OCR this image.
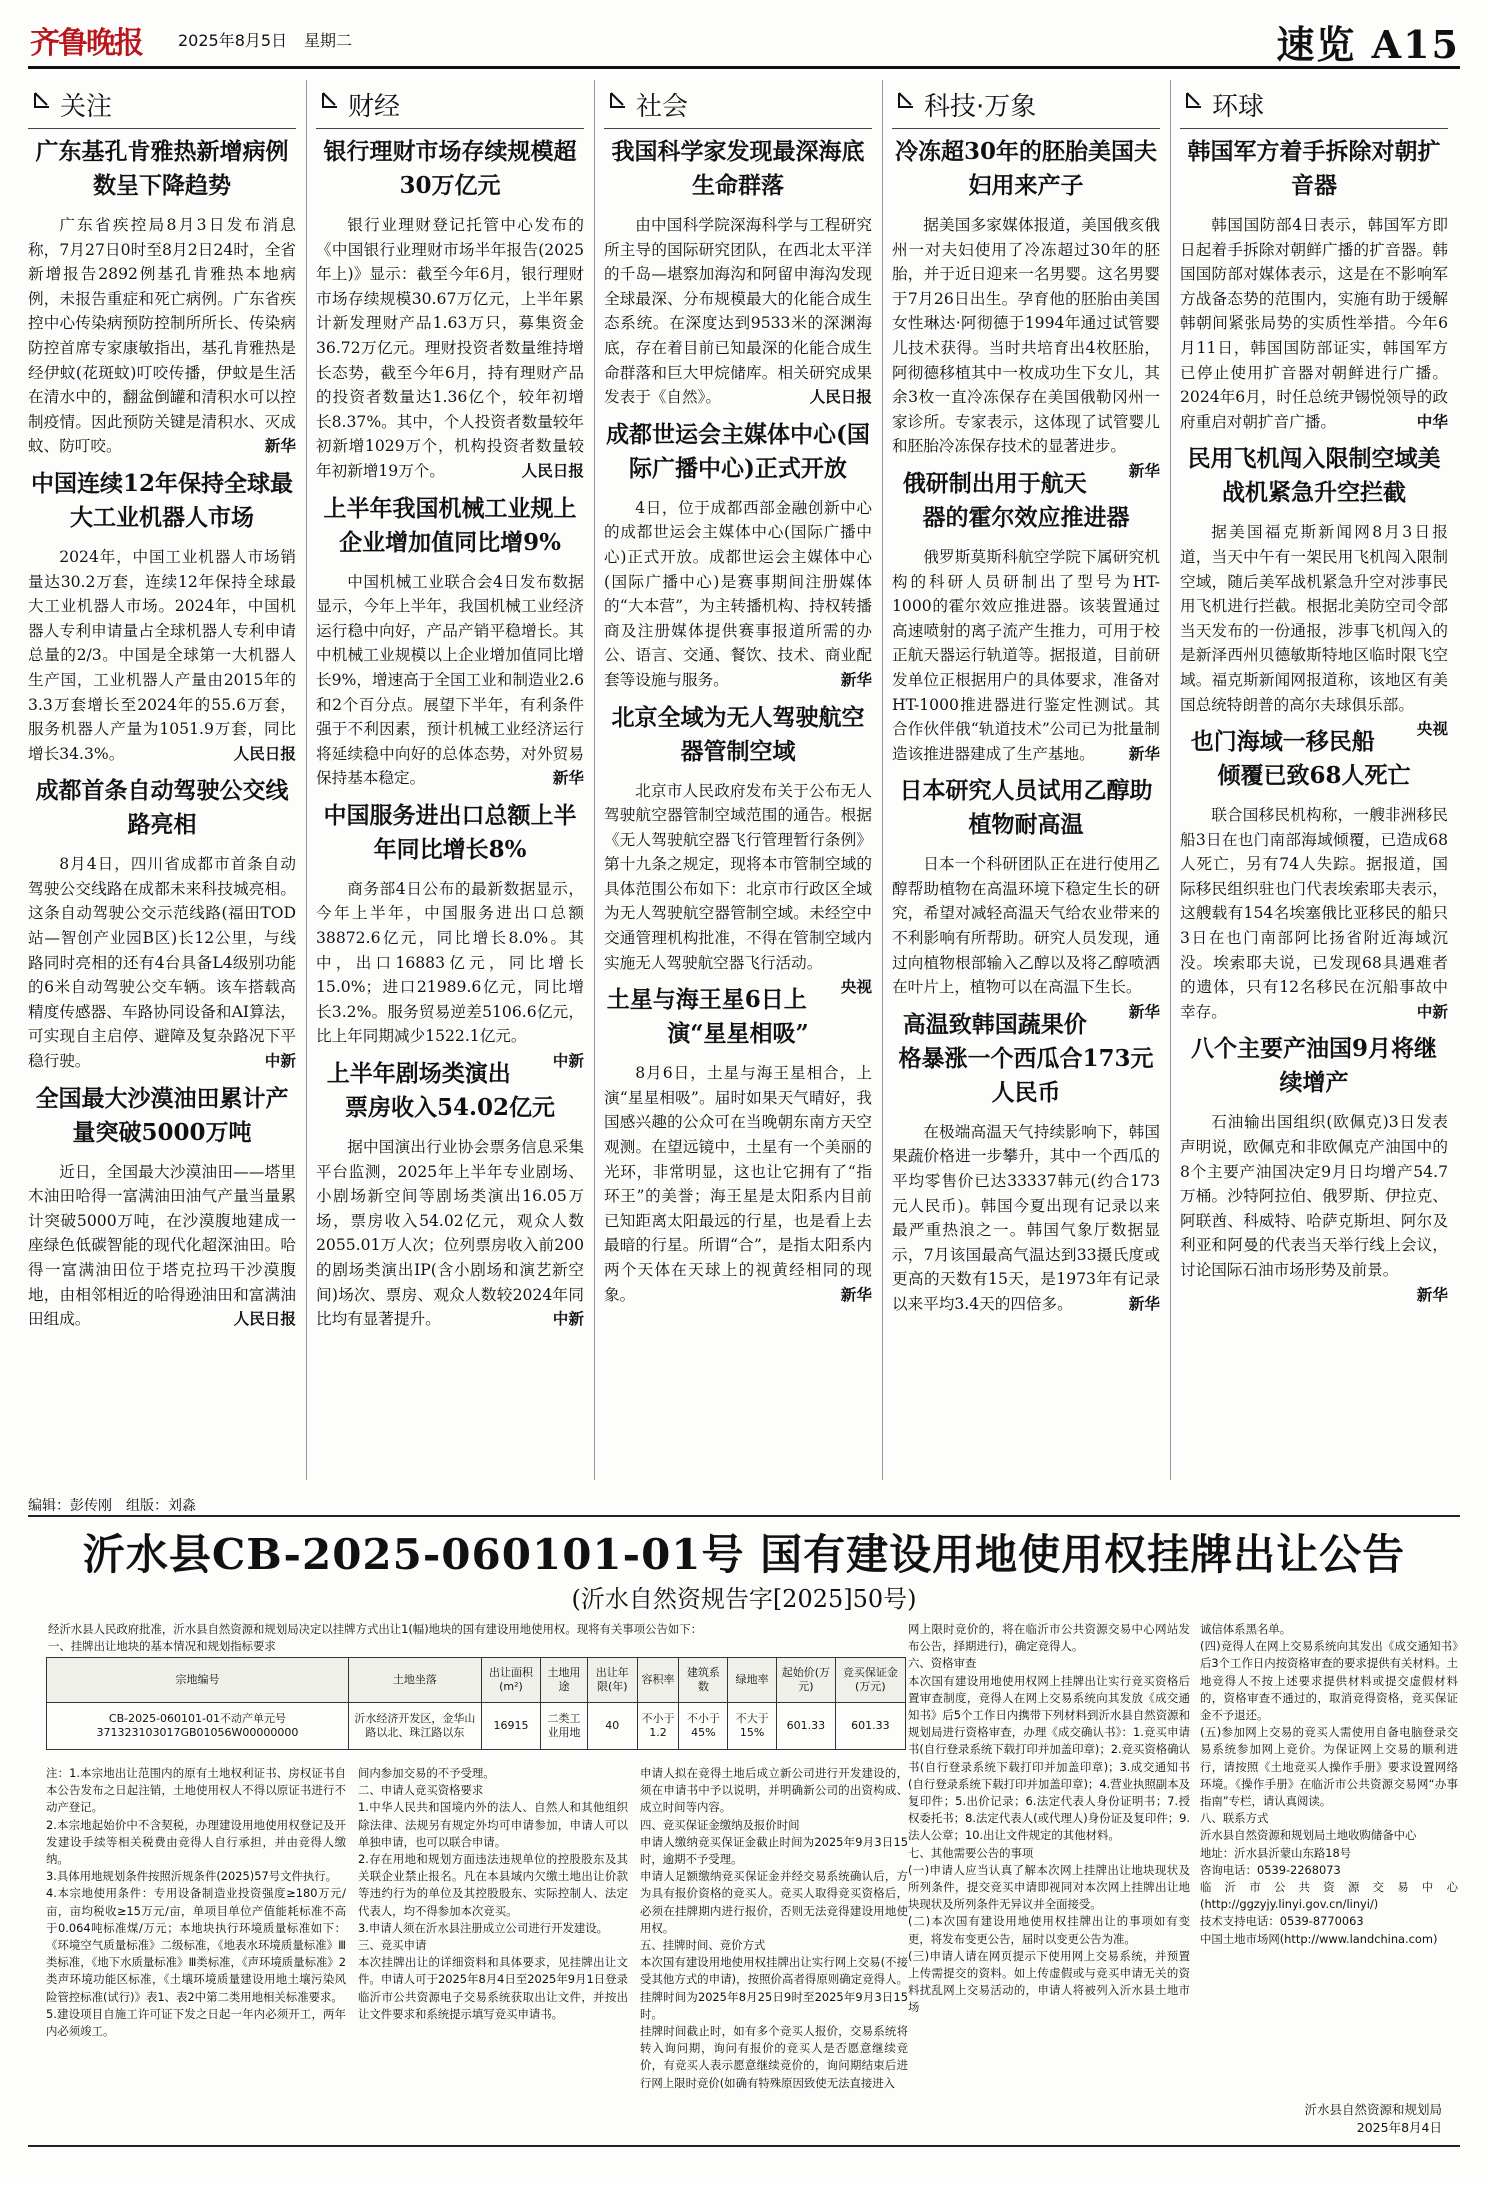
齐鲁晚报 2025年8月5日 星期二	速览 A15
关注
广东基孔肯雅热新增病例数呈下降趋势

广东省疾控局8月3日发布消息称，7月27日0时至8月2日24时，全省新增报告2892例基孔肯雅热本地病例，未报告重症和死亡病例。广东省疾控中心传染病预防控制所所长、传染病防控首席专家康敏指出，基孔肯雅热是经伊蚊(花斑蚊)叮咬传播，伊蚊是生活在清水中的，翻盆倒罐和清积水可以控制疫情。因此预防关键是清积水、灭成蚊、防叮咬。	新华

中国连续12年保持全球最大工业机器人市场

2024年，中国工业机器人市场销量达30.2万套，连续12年保持全球最大工业机器人市场。2024年，中国机器人专利申请量占全球机器人专利申请总量的2/3。中国是全球第一大机器人生产国，工业机器人产量由2015年的3.3万套增长至2024年的55.6万套，服务机器人产量为1051.9万套，同比增长34.3%。	人民日报

成都首条自动驾驶公交线路亮相

8月4日，四川省成都市首条自动驾驶公交线路在成都未来科技城亮相。这条自动驾驶公交示范线路(福田TOD站—智创产业园B区)长12公里，与线路同时亮相的还有4台具备L4级别功能的6米自动驾驶公交车辆。该车搭载高精度传感器、车路协同设备和AI算法，可实现自主启停、避障及复杂路况下平稳行驶。	中新

全国最大沙漠油田累计产量突破5000万吨

近日，全国最大沙漠油田——塔里木油田哈得一富满油田油气产量当量累计突破5000万吨，在沙漠腹地建成一座绿色低碳智能的现代化超深油田。哈得一富满油田位于塔克拉玛干沙漠腹地，由相邻相近的哈得逊油田和富满油田组成。	人民日报

财经
银行理财市场存续规模超30万亿元

银行业理财登记托管中心发布的《中国银行业理财市场半年报告(2025年上)》显示：截至今年6月，银行理财市场存续规模30.67万亿元，上半年累计新发理财产品1.63万只，募集资金36.72万亿元。理财投资者数量维持增长态势，截至今年6月，持有理财产品的投资者数量达1.36亿个，较年初增长8.37%。其中，个人投资者数量较年初新增1029万个，机构投资者数量较年初新增19万个。	人民日报

上半年我国机械工业规上企业增加值同比增9%

中国机械工业联合会4日发布数据显示，今年上半年，我国机械工业经济运行稳中向好，产品产销平稳增长。其中机械工业规模以上企业增加值同比增长9%，增速高于全国工业和制造业2.6和2个百分点。展望下半年，有利条件强于不利因素，预计机械工业经济运行将延续稳中向好的总体态势，对外贸易保持基本稳定。	新华

中国服务进出口总额上半年同比增长8%

商务部4日公布的最新数据显示，今年上半年，中国服务进出口总额38872.6亿元，同比增长8.0%。其中，出口16883亿元，同比增长15.0%；进口21989.6亿元，同比增长3.2%。服务贸易逆差5106.6亿元，比上年同期减少1522.1亿元。
中新

上半年剧场类演出票房收入54.02亿元

据中国演出行业协会票务信息采集平台监测，2025年上半年专业剧场、小剧场新空间等剧场类演出16.05万场，票房收入54.02亿元，观众人数2055.01万人次；位列票房收入前200的剧场类演出IP(含小剧场和演艺新空间)场次、票房、观众人数较2024年同比均有显著提升。	中新

社会
我国科学家发现最深海底生命群落

由中国科学院深海科学与工程研究所主导的国际研究团队，在西北太平洋的千岛—堪察加海沟和阿留申海沟发现全球最深、分布规模最大的化能合成生态系统。在深度达到9533米的深渊海底，存在着目前已知最深的化能合成生命群落和巨大甲烷储库。相关研究成果发表于《自然》。	人民日报

成都世运会主媒体中心(国际广播中心)正式开放

4日，位于成都西部金融创新中心的成都世运会主媒体中心(国际广播中心)正式开放。成都世运会主媒体中心(国际广播中心)是赛事期间注册媒体的“大本营”，为主转播机构、持权转播商及注册媒体提供赛事报道所需的办公、语言、交通、餐饮、技术、商业配套等设施与服务。	新华

北京全域为无人驾驶航空器管制空域

北京市人民政府发布关于公布无人驾驶航空器管制空域范围的通告。根据《无人驾驶航空器飞行管理暂行条例》第十九条之规定，现将本市管制空域的具体范围公布如下：北京市行政区全域为无人驾驶航空器管制空域。未经空中交通管理机构批准，不得在管制空域内实施无人驾驶航空器飞行活动。
央视

土星与海王星6日上演“星星相吸”

8月6日，土星与海王星相合，上演“星星相吸”。届时如果天气晴好，我国感兴趣的公众可在当晚朝东南方天空观测。在望远镜中，土星有一个美丽的光环，非常明显，这也让它拥有了“指环王”的美誉；海王星是太阳系内目前已知距离太阳最远的行星，也是看上去最暗的行星。所谓“合”，是指太阳系内两个天体在天球上的视黄经相同的现象。	新华

科技·万象
冷冻超30年的胚胎美国夫妇用来产子

据美国多家媒体报道，美国俄亥俄州一对夫妇使用了冷冻超过30年的胚胎，并于近日迎来一名男婴。这名男婴于7月26日出生。孕育他的胚胎由美国女性琳达·阿彻德于1994年通过试管婴儿技术获得。当时共培育出4枚胚胎，阿彻德移植其中一枚成功生下女儿，其余3枚一直冷冻保存在美国俄勒冈州一家诊所。专家表示，这体现了试管婴儿和胚胎冷冻保存技术的显著进步。
新华

俄研制出用于航天器的霍尔效应推进器

俄罗斯莫斯科航空学院下属研究机构的科研人员研制出了型号为HT-1000的霍尔效应推进器。该装置通过高速喷射的离子流产生推力，可用于校正航天器运行轨道等。据报道，目前研发单位正根据用户的具体要求，准备对HT-1000推进器进行鉴定性测试。其合作伙伴俄“轨道技术”公司已为批量制造该推进器建成了生产基地。	新华

日本研究人员试用乙醇助植物耐高温

日本一个科研团队正在进行使用乙醇帮助植物在高温环境下稳定生长的研究，希望对减轻高温天气给农业带来的不利影响有所帮助。研究人员发现，通过向植物根部输入乙醇以及将乙醇喷洒在叶片上，植物可以在高温下生长。
新华

高温致韩国蔬果价格暴涨一个西瓜合173元人民币

在极端高温天气持续影响下，韩国果蔬价格进一步攀升，其中一个西瓜的平均零售价已达33337韩元(约合173元人民币)。韩国今夏出现有记录以来最严重热浪之一。韩国气象厅数据显示，7月该国最高气温达到33摄氏度或更高的天数有15天，是1973年有记录以来平均3.4天的四倍多。	新华

环球
韩国军方着手拆除对朝扩音器

韩国国防部4日表示，韩国军方即日起着手拆除对朝鲜广播的扩音器。韩国国防部对媒体表示，这是在不影响军方战备态势的范围内，实施有助于缓解韩朝间紧张局势的实质性举措。今年6月11日，韩国国防部证实，韩国军方已停止使用扩音器对朝鲜进行广播。2024年6月，时任总统尹锡悦领导的政府重启对朝扩音广播。	中华

民用飞机闯入限制空域美战机紧急升空拦截

据美国福克斯新闻网8月3日报道，当天中午有一架民用飞机闯入限制空域，随后美军战机紧急升空对涉事民用飞机进行拦截。根据北美防空司令部当天发布的一份通报，涉事飞机闯入的是新泽西州贝德敏斯特地区临时限飞空域。福克斯新闻网报道称，该地区有美国总统特朗普的高尔夫球俱乐部。
央视

也门海域一移民船倾覆已致68人死亡

联合国移民机构称，一艘非洲移民船3日在也门南部海域倾覆，已造成68人死亡，另有74人失踪。据报道，国际移民组织驻也门代表埃索耶夫表示，这艘载有154名埃塞俄比亚移民的船只3日在也门南部阿比扬省附近海域沉没。埃索耶夫说，已发现68具遇难者的遗体，只有12名移民在沉船事故中幸存。	中新

八个主要产油国9月将继续增产

石油输出国组织(欧佩克)3日发表声明说，欧佩克和非欧佩克产油国中的8个主要产油国决定9月日均增产54.7万桶。沙特阿拉伯、俄罗斯、伊拉克、阿联酋、科威特、哈萨克斯坦、阿尔及利亚和阿曼的代表当天举行线上会议，讨论国际石油市场形势及前景。
新华

编辑：彭传刚　组版：刘淼
沂水县CB-2025-060101-01号 国有建设用地使用权挂牌出让公告
(沂水自然资规告字[2025]50号)
经沂水县人民政府批准，沂水县自然资源和规划局决定以挂牌方式出让1(幅)地块的国有建设用地使用权。现将有关事项公告如下：
一、挂牌出让地块的基本情况和规划指标要求
宗地编号	土地坐落	出让面积(m²)	土地用途	出让年限(年)	容积率	建筑系数	绿地率	起始价(万元)	竞买保证金(万元)
CB-2025-060101-01不动产单元号371323103017GB01056W00000000	沂水经济开发区，金华山路以北、珠江路以东	16915	二类工业用地	40	不小于1.2	不小于45%	不大于15%	601.33	601.33
注：1.本宗地出让范围内的原有土地权利证书、房权证书自本公告发布之日起注销，土地使用权人不得以原证书进行不动产登记。
2.本宗地起始价中不含契税，办理建设用地使用权登记及开发建设手续等相关税费由竞得人自行承担，并由竞得人缴纳。
3.具体用地规划条件按照沂规条件(2025)57号文件执行。
4.本宗地使用条件：专用设备制造业投资强度≥180万元/亩，亩均税收≥15万元/亩，单项目单位产值能耗标准不高于0.064吨标准煤/万元；本地块执行环境质量标准如下：《环境空气质量标准》二级标准，《地表水环境质量标准》Ⅲ类标准，《地下水质量标准》Ⅲ类标准，《声环境质量标准》2类声环境功能区标准，《土壤环境质量建设用地土壤污染风险管控标准(试行)》表1、表2中第二类用地相关标准要求。
5.建设项目自施工许可证下发之日起一年内必须开工，两年内必须竣工。
间内参加交易的不予受理。
二、申请人竞买资格要求
1.中华人民共和国境内外的法人、自然人和其他组织除法律、法规另有规定外均可申请参加，申请人可以单独申请，也可以联合申请。
2.存在用地和规划方面违法违规单位的控股股东及其关联企业禁止报名。凡在本县域内欠缴土地出让价款等违约行为的单位及其控股股东、实际控制人、法定代表人，均不得参加本次竞买。
3.申请人须在沂水县注册成立公司进行开发建设。
三、竞买申请
本次挂牌出让的详细资料和具体要求，见挂牌出让文件。申请人可于2025年8月4日至2025年9月1日登录临沂市公共资源电子交易系统获取出让文件，并按出让文件要求和系统提示填写竞买申请书。
申请人拟在竞得土地后成立新公司进行开发建设的，须在申请书中予以说明，并明确新公司的出资构成、成立时间等内容。
四、竞买保证金缴纳及报价时间
申请人缴纳竞买保证金截止时间为2025年9月3日15时，逾期不予受理。
申请人足额缴纳竞买保证金并经交易系统确认后，方为具有报价资格的竞买人。竞买人取得竞买资格后，必须在挂牌期内进行报价，否则无法竞得建设用地使用权。
五、挂牌时间、竞价方式
本次国有建设用地使用权挂牌出让实行网上交易(不接受其他方式的申请)，按照价高者得原则确定竞得人。挂牌时间为2025年8月25日9时至2025年9月3日15时。
挂牌时间截止时，如有多个竞买人报价，交易系统将转入询问期，询问有报价的竞买人是否愿意继续竞价，有竞买人表示愿意继续竞价的，询问期结束后进行网上限时竞价(如确有特殊原因致使无法直接进入
网上限时竞价的，将在临沂市公共资源交易中心网站发布公告，择期进行)，确定竞得人。
六、资格审查
本次国有建设用地使用权网上挂牌出让实行竞买资格后置审查制度，竞得人在网上交易系统向其发放《成交通知书》后5个工作日内携带下列材料到沂水县自然资源和规划局进行资格审查，办理《成交确认书》：1.竞买申请书(自行登录系统下载打印并加盖印章)；2.竞买资格确认书(自行登录系统下载打印并加盖印章)；3.成交通知书(自行登录系统下载打印并加盖印章)；4.营业执照副本及复印件；5.出价记录；6.法定代表人身份证明书；7.授权委托书；8.法定代表人(或代理人)身份证及复印件；9.法人公章；10.出让文件规定的其他材料。
七、其他需要公告的事项
(一)申请人应当认真了解本次网上挂牌出让地块现状及所列条件，提交竞买申请即视同对本次网上挂牌出让地块现状及所列条件无异议并全面接受。
(二)本次国有建设用地使用权挂牌出让的事项如有变更，将发布变更公告，届时以变更公告为准。
(三)申请人请在网页提示下使用网上交易系统，并预置上传需提交的资料。如上传虚假或与竞买申请无关的资料扰乱网上交易活动的，申请人将被列入沂水县土地市场
诚信体系黑名单。
(四)竞得人在网上交易系统向其发出《成交通知书》后3个工作日内按资格审查的要求提供有关材料。土地竞得人不按上述要求提供材料或提交虚假材料的，资格审查不通过的，取消竞得资格，竞买保证金不予退还。
(五)参加网上交易的竞买人需使用自备电脑登录交易系统参加网上竞价。为保证网上交易的顺利进行，请按照《土地竞买人操作手册》要求设置网络环境。《操作手册》在临沂市公共资源交易网“办事指南”专栏，请认真阅读。
八、联系方式
沂水县自然资源和规划局土地收购储备中心
地址：沂水县沂蒙山东路18号
咨询电话：0539-2268073
临沂市公共资源交易中心(http://ggzyjy.linyi.gov.cn/linyi/)
技术支持电话：0539-8770063
中国土地市场网(http://www.landchina.com)
沂水县自然资源和规划局
2025年8月4日
